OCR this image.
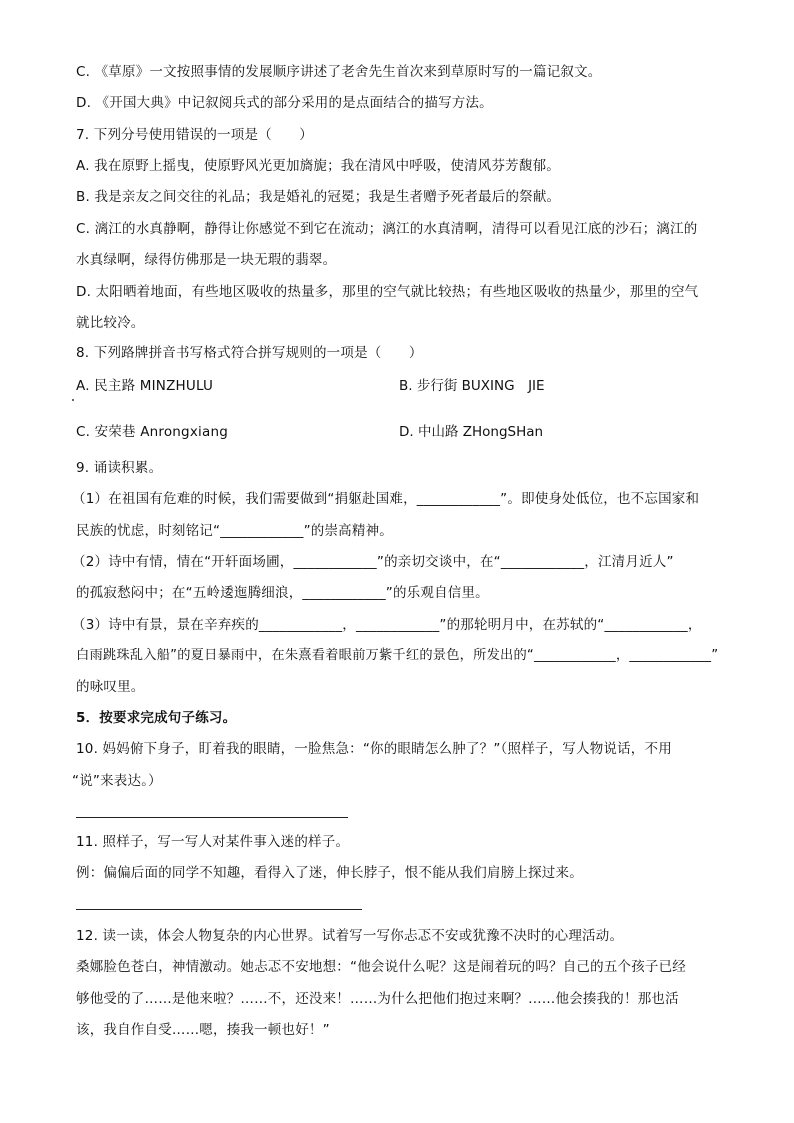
C. 《草原》一文按照事情的发展顺序讲述了老舍先生首次来到草原时写的一篇记叙文。
D. 《开国大典》中记叙阅兵式的部分采用的是点面结合的描写方法。
7. 下列分号使用错误的一项是（　　）
A. 我在原野上摇曳，使原野风光更加旖旎；我在清风中呼吸，使清风芬芳馥郁。
B. 我是亲友之间交往的礼品；我是婚礼的冠冕；我是生者赠予死者最后的祭献。
C. 漓江的水真静啊，静得让你感觉不到它在流动；漓江的水真清啊，清得可以看见江底的沙石；漓江的
水真绿啊，绿得仿佛那是一块无瑕的翡翠。
D. 太阳晒着地面，有些地区吸收的热量多，那里的空气就比较热；有些地区吸收的热量少，那里的空气
就比较冷。
8. 下列路牌拼音书写格式符合拼写规则的一项是（　　）
A. 民主路 MINZHULU	B. 步行街 BUXING　JIE
C. 安荣巷 Anrongxiang	D. 中山路 ZHongSHan
9. 诵读积累。
（1）在祖国有危难的时候，我们需要做到“捐躯赴国难，____________”。即使身处低位，也不忘国家和
民族的忧虑，时刻铭记“____________”的崇高精神。
（2）诗中有情，情在“开轩面场圃，____________”的亲切交谈中，在“____________，江清月近人”
的孤寂愁闷中；在“五岭逶迤腾细浪，____________”的乐观自信里。
（3）诗中有景，景在辛弃疾的____________，____________”的那轮明月中，在苏轼的“____________，
白雨跳珠乱入船”的夏日暴雨中，在朱熹看着眼前万紫千红的景色，所发出的“____________，____________”
的咏叹里。
5．按要求完成句子练习。
10. 妈妈俯下身子，盯着我的眼睛，一脸焦急：“你的眼睛怎么肿了？”（照样子，写人物说话，不用
“说”来表达。）
11. 照样子，写一写人对某件事入迷的样子。
例：偏偏后面的同学不知趣，看得入了迷，伸长脖子，恨不能从我们肩膀上探过来。
12. 读一读，体会人物复杂的内心世界。试着写一写你忐忑不安或犹豫不决时的心理活动。
桑娜脸色苍白，神情激动。她忐忑不安地想：“他会说什么呢？这是闹着玩的吗？自己的五个孩子已经
够他受的了……是他来啦？……不，还没来！……为什么把他们抱过来啊？……他会揍我的！那也活
该，我自作自受……嗯，揍我一顿也好！”
